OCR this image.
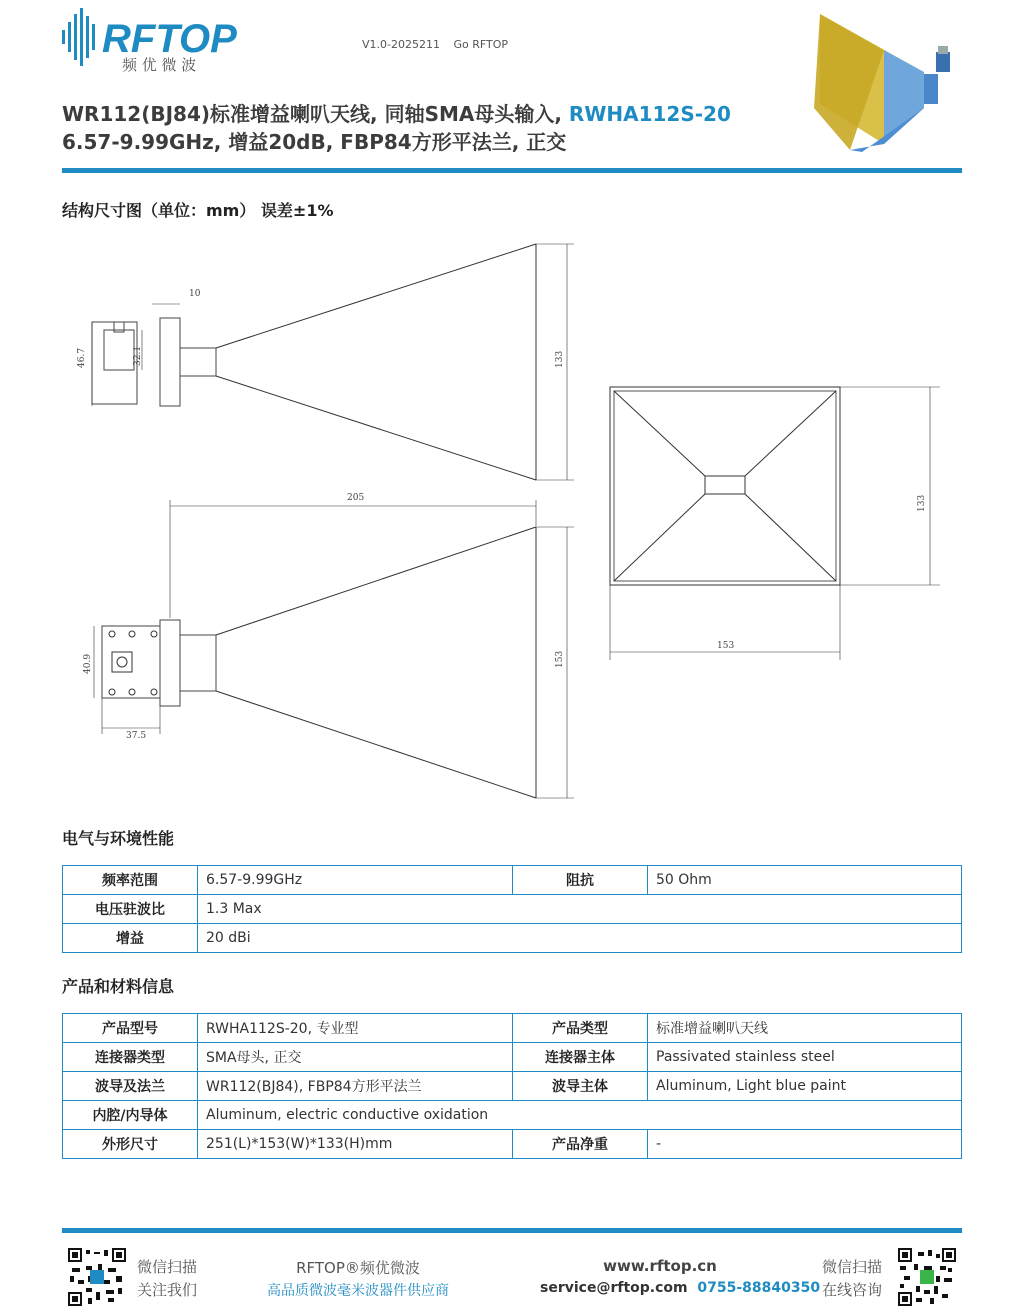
RFTOP
频 优 微 波
V1.0-2025211 Go RFTOP
WR112(BJ84)标准增益喇叭天线, 同轴SMA母头输入, RWHA112S-20
6.57-9.99GHz, 增益20dB, FBP84方形平法兰, 正交
结构尺寸图（单位：mm） 误差±1%
10
46.7	32.1	133
205
40.9
37.5
153
133
153
电气与环境性能
频率范围	6.57-9.99GHz	阻抗	50 Ohm
电压驻波比	1.3 Max		
增益	20 dBi		
产品和材料信息
产品型号	RWHA112S-20, 专业型	产品类型	标准增益喇叭天线
连接器类型	SMA母头, 正交	连接器主体	Passivated stainless steel
波导及法兰	WR112(BJ84), FBP84方形平法兰	波导主体	Aluminum, Light blue paint
内腔/内导体	Aluminum, electric conductive oxidation		
外形尺寸	251(L)*153(W)*133(H)mm	产品净重	-
微信扫描
关注我们
RFTOP®频优微波
高品质微波毫米波器件供应商
www.rftop.cn
service@rftop.com 0755-88840350
微信扫描
在线咨询
